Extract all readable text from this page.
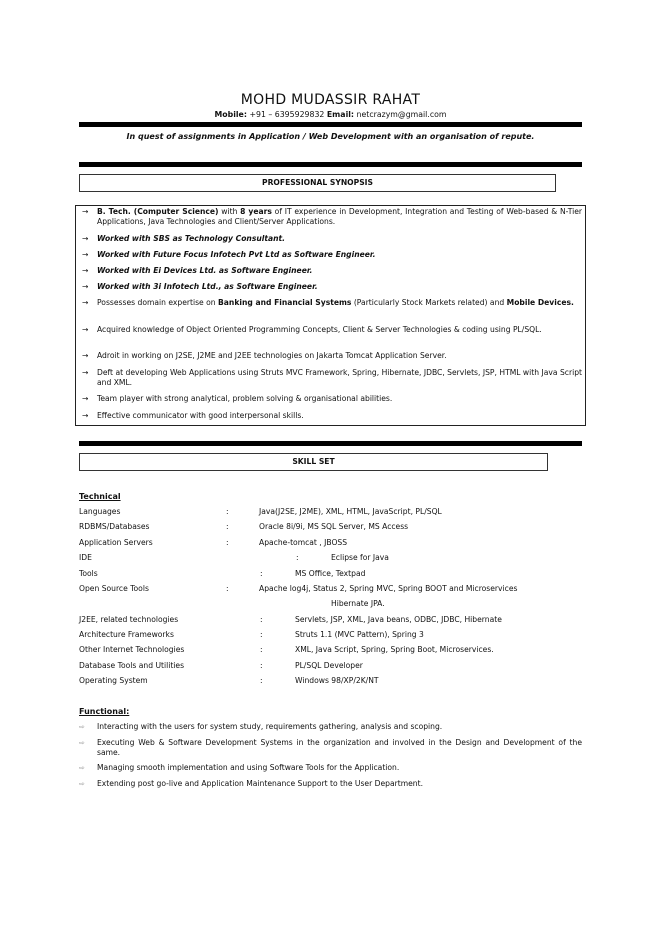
MOHD MUDASSIR RAHAT
Mobile: +91 – 6395929832 Email: netcrazym@gmail.com
In quest of assignments in Application / Web Development with an organisation of repute.
PROFESSIONAL SYNOPSIS
→	B. Tech. (Computer Science) with 8 years of IT experience in Development, Integration and Testing of Web-based & N-Tier Applications, Java Technologies and Client/Server Applications.
→	Worked with SBS as Technology Consultant.
→	Worked with Future Focus Infotech Pvt Ltd as Software Engineer.
→	Worked with Ei Devices Ltd. as Software Engineer.
→	Worked with 3i Infotech Ltd., as Software Engineer.
→	Possesses domain expertise on Banking and Financial Systems (Particularly Stock Markets related) and Mobile Devices.
→	Acquired knowledge of Object Oriented Programming Concepts, Client & Server Technologies & coding using PL/SQL.
→	Adroit in working on J2SE, J2ME and J2EE technologies on Jakarta Tomcat Application Server.
→	Deft at developing Web Applications using Struts MVC Framework, Spring, Hibernate, JDBC, Servlets, JSP, HTML with Java Script and XML.
→	Team player with strong analytical, problem solving & organisational abilities.
→	Effective communicator with good interpersonal skills.
SKILL SET
Technical
Languages	:	Java(J2SE, J2ME), XML, HTML, JavaScript, PL/SQL
RDBMS/Databases	:	Oracle 8i/9i, MS SQL Server, MS Access
Application Servers	:	Apache-tomcat , JBOSS
IDE	:	Eclipse for Java
Tools	:	MS Office, Textpad
Open Source Tools	:	Apache log4j, Status 2, Spring MVC, Spring BOOT and Microservices
Hibernate JPA.
J2EE, related technologies	:	Servlets, JSP, XML, Java beans, ODBC, JDBC, Hibernate
Architecture Frameworks	:	Struts 1.1 (MVC Pattern), Spring 3
Other Internet Technologies	:	XML, Java Script, Spring, Spring Boot, Microservices.
Database Tools and Utilities	:	PL/SQL Developer
Operating System	:	Windows 98/XP/2K/NT
Functional:
⇨	Interacting with the users for system study, requirements gathering, analysis and scoping.
⇨	Executing Web & Software Development Systems in the organization and involved in the Design and Development of the same.
⇨	Managing smooth implementation and using Software Tools for the Application.
⇨	Extending post go-live and Application Maintenance Support to the User Department.
